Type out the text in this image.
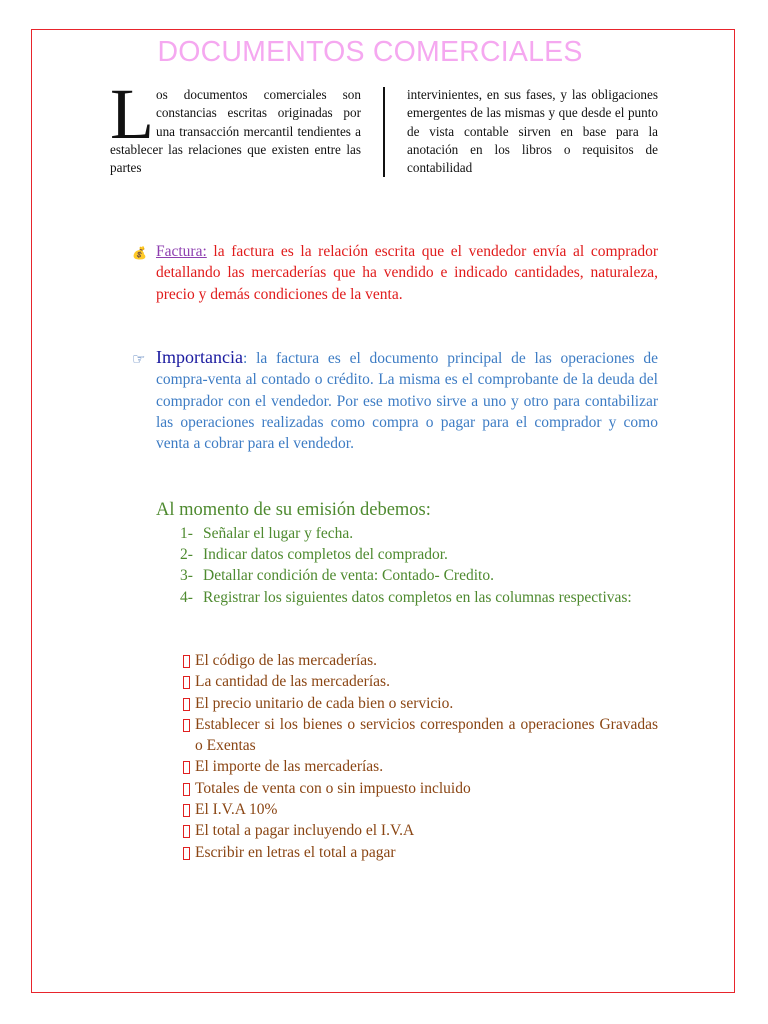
DOCUMENTOS COMERCIALES
L os documentos comerciales son constancias escritas originadas por una transacción mercantil tendientes a establecer las relaciones que existen entre las partes
intervinientes, en sus fases, y las obligaciones emergentes de las mismas y que desde el punto de vista contable sirven en base para la anotación en los libros o requisitos de contabilidad
💰 Factura: la factura es la relación escrita que el vendedor envía al comprador detallando las mercaderías que ha vendido e indicado cantidades, naturaleza, precio y demás condiciones de la venta.
☞ Importancia: la factura es el documento principal de las operaciones de compra-venta al contado o crédito. La misma es el comprobante de la deuda del comprador con el vendedor. Por ese motivo sirve a uno y otro para contabilizar las operaciones realizadas como compra o pagar para el comprador y como venta a cobrar para el vendedor.
Al momento de su emisión debemos:
1- Señalar el lugar y fecha.
2- Indicar datos completos del comprador.
3- Detallar condición de venta: Contado- Credito.
4- Registrar los siguientes datos completos en las columnas respectivas:
El código de las mercaderías.
La cantidad de las mercaderías.
El precio unitario de cada bien o servicio.
Establecer si los bienes o servicios corresponden a operaciones Gravadas o Exentas
El importe de las mercaderías.
Totales de venta con o sin impuesto incluido
El I.V.A 10%
El total a pagar incluyendo el I.V.A
Escribir en letras el total a pagar
